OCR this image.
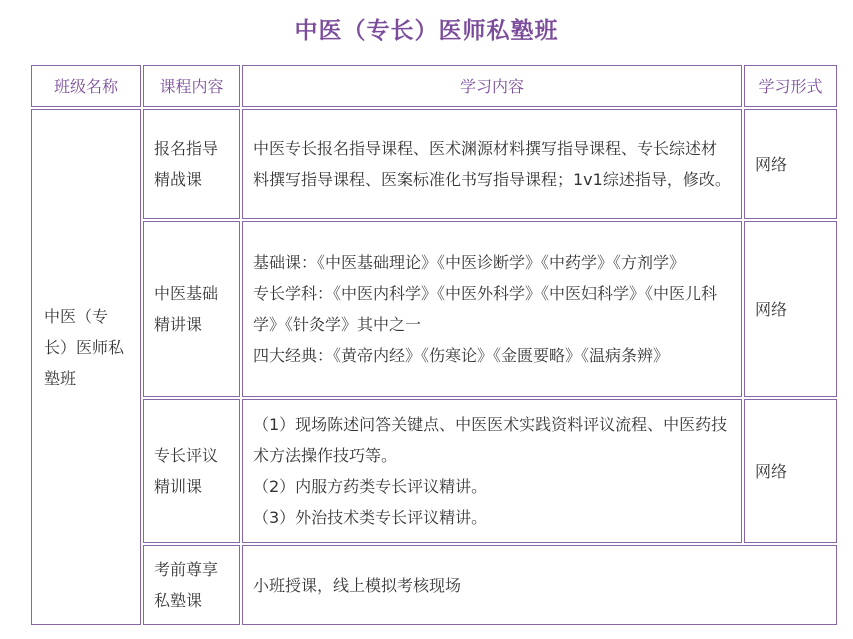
中医（专长）医师私塾班
班级名称	课程内容	学习内容	学习形式
中医（专长）医师私塾班	报名指导精战课	中医专长报名指导课程、医术渊源材料撰写指导课程、专长综述材料撰写指导课程、医案标准化书写指导课程；1v1综述指导，修改。	网络
	中医基础精讲课	基础课：《中医基础理论》《中医诊断学》《中药学》《方剂学》
专长学科：《中医内科学》《中医外科学》《中医妇科学》《中医儿科学》《针灸学》其中之一
四大经典：《黄帝内经》《伤寒论》《金匮要略》《温病条辨》	网络
	专长评议精训课	（1）现场陈述问答关键点、中医医术实践资料评议流程、中医药技术方法操作技巧等。
（2）内服方药类专长评议精讲。
（3）外治技术类专长评议精讲。	网络
	考前尊享私塾课	小班授课，线上模拟考核现场	
